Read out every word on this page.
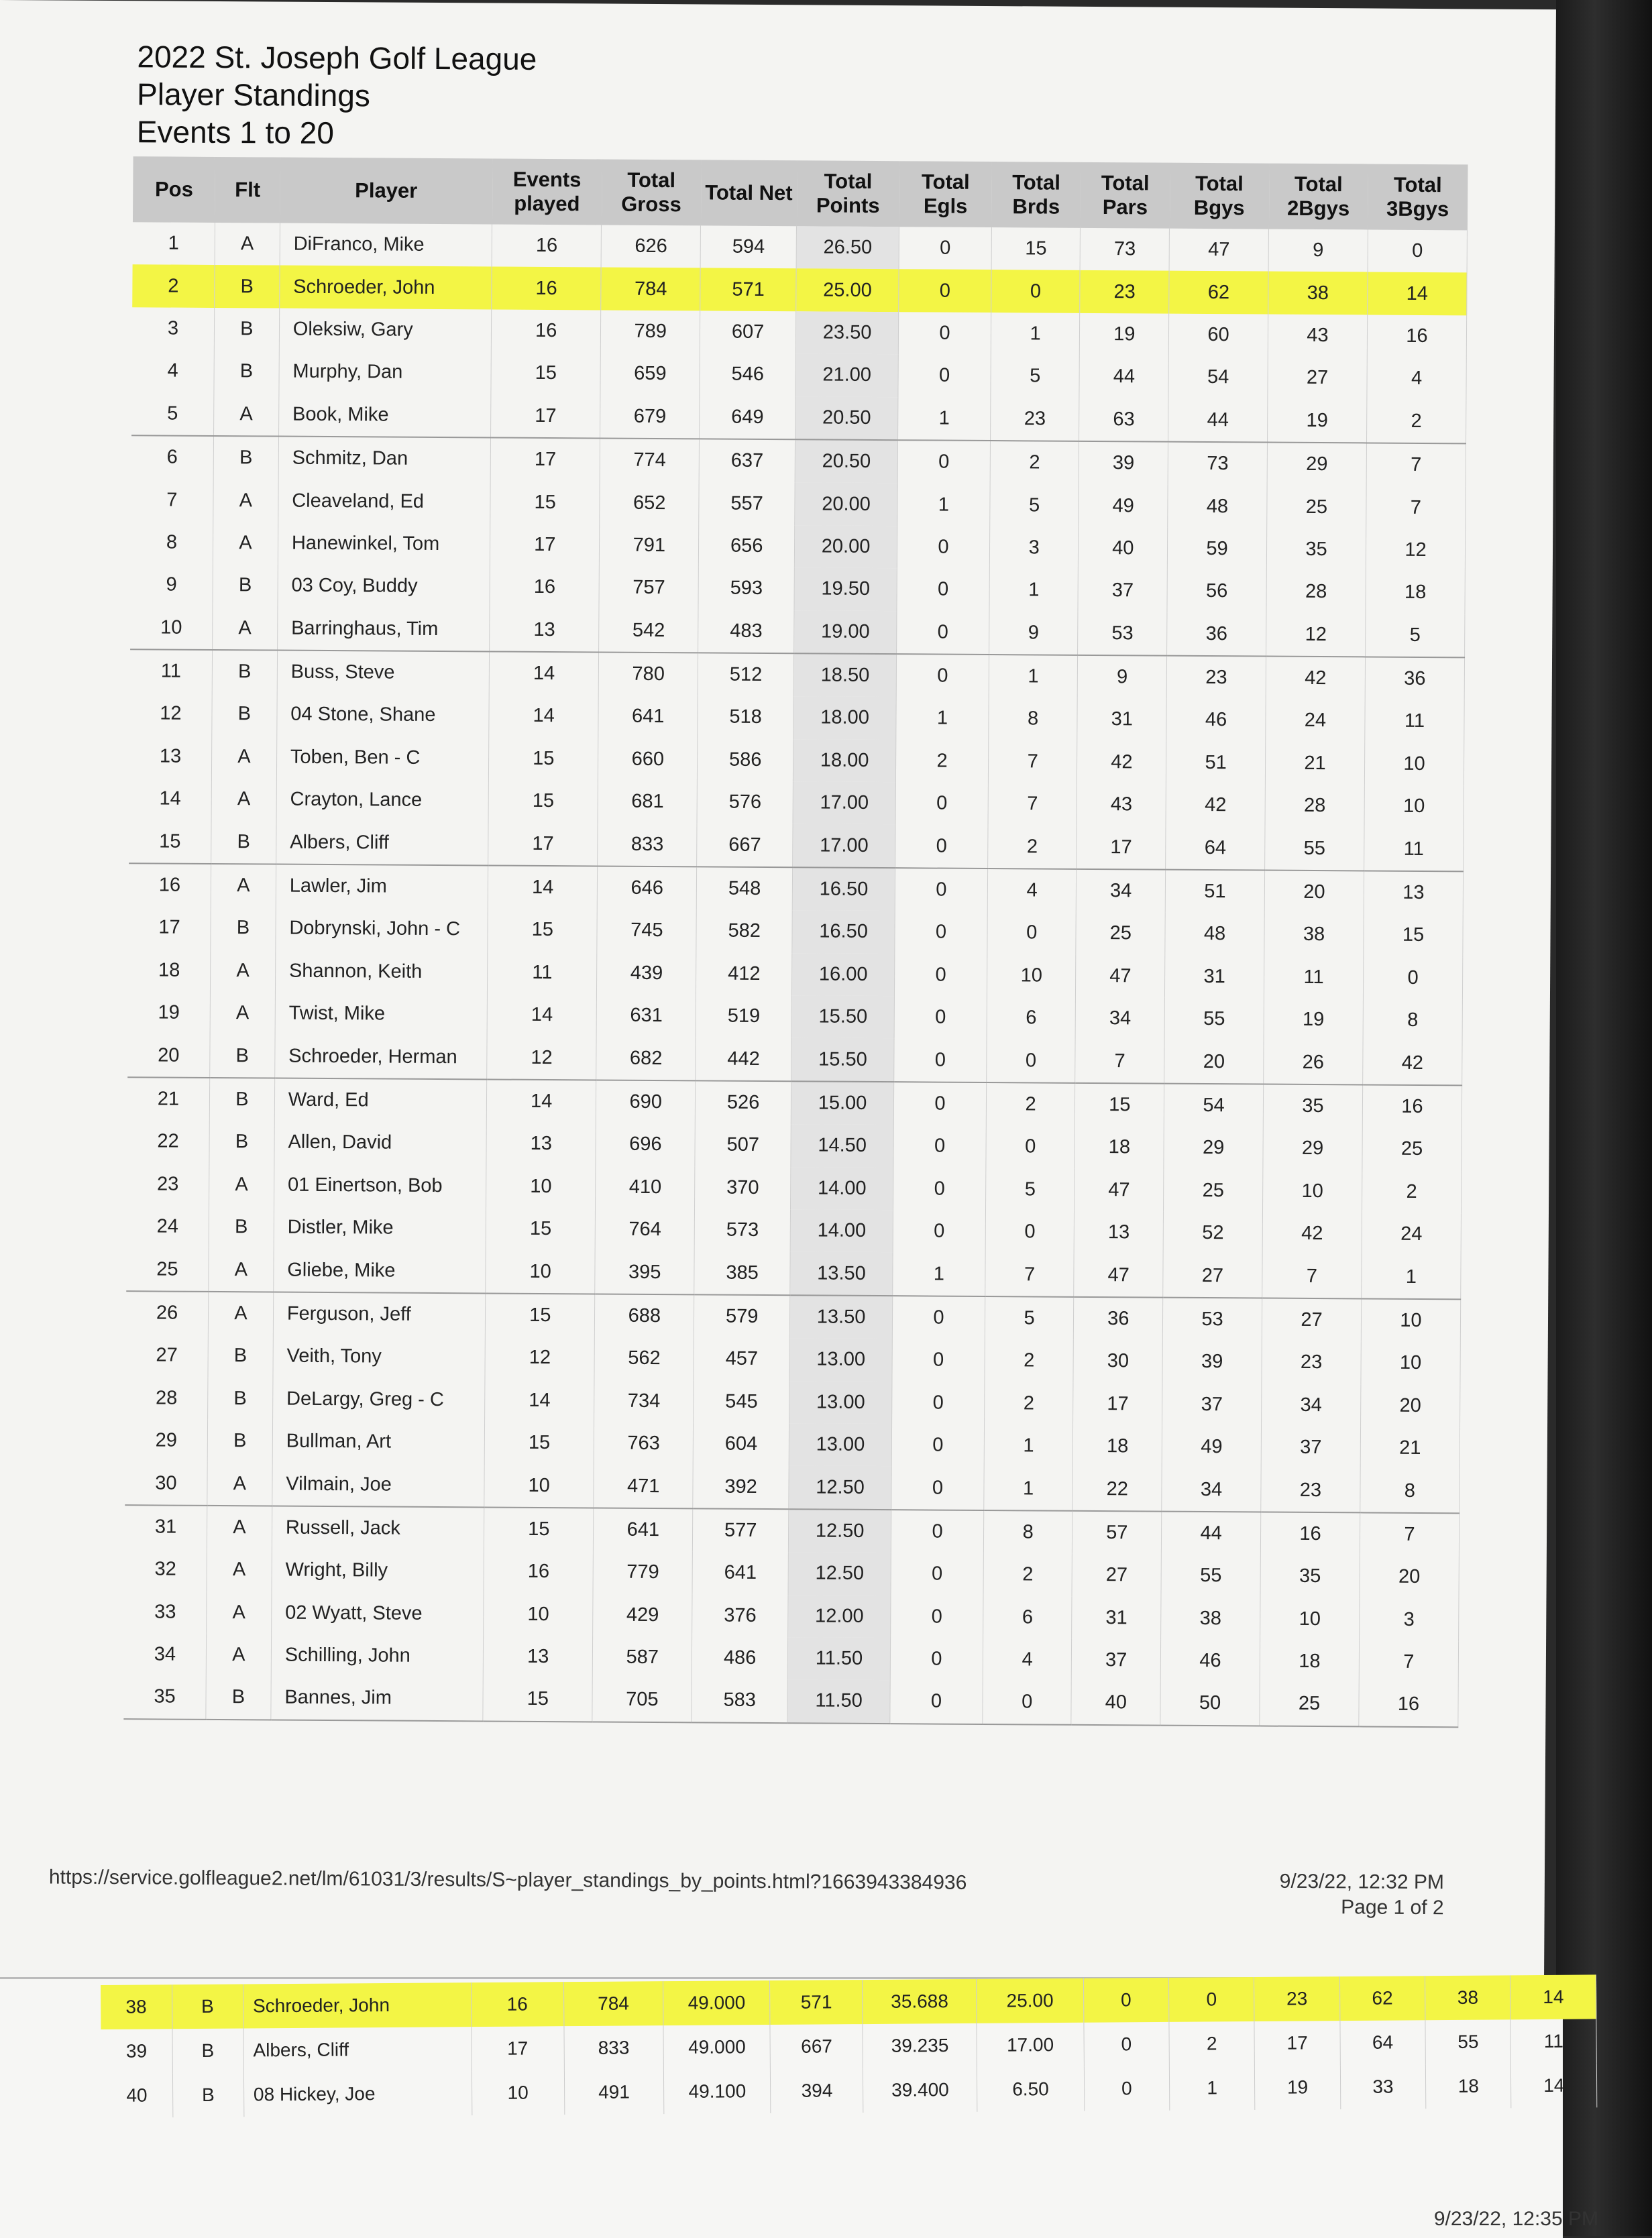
2022 St. Joseph Golf League
Player Standings
Events 1 to 20
Pos	Flt	Player	Events played	Total Gross	Total Net	Total Points	Total Egls	Total Brds	Total Pars	Total Bgys	Total 2Bgys	Total 3Bgys
1	A	DiFranco, Mike	16	626	594	26.50	0	15	73	47	9	0
2	B	Schroeder, John	16	784	571	25.00	0	0	23	62	38	14
3	B	Oleksiw, Gary	16	789	607	23.50	0	1	19	60	43	16
4	B	Murphy, Dan	15	659	546	21.00	0	5	44	54	27	4
5	A	Book, Mike	17	679	649	20.50	1	23	63	44	19	2
6	B	Schmitz, Dan	17	774	637	20.50	0	2	39	73	29	7
7	A	Cleaveland, Ed	15	652	557	20.00	1	5	49	48	25	7
8	A	Hanewinkel, Tom	17	791	656	20.00	0	3	40	59	35	12
9	B	03 Coy, Buddy	16	757	593	19.50	0	1	37	56	28	18
10	A	Barringhaus, Tim	13	542	483	19.00	0	9	53	36	12	5
11	B	Buss, Steve	14	780	512	18.50	0	1	9	23	42	36
12	B	04 Stone, Shane	14	641	518	18.00	1	8	31	46	24	11
13	A	Toben, Ben - C	15	660	586	18.00	2	7	42	51	21	10
14	A	Crayton, Lance	15	681	576	17.00	0	7	43	42	28	10
15	B	Albers, Cliff	17	833	667	17.00	0	2	17	64	55	11
16	A	Lawler, Jim	14	646	548	16.50	0	4	34	51	20	13
17	B	Dobrynski, John - C	15	745	582	16.50	0	0	25	48	38	15
18	A	Shannon, Keith	11	439	412	16.00	0	10	47	31	11	0
19	A	Twist, Mike	14	631	519	15.50	0	6	34	55	19	8
20	B	Schroeder, Herman	12	682	442	15.50	0	0	7	20	26	42
21	B	Ward, Ed	14	690	526	15.00	0	2	15	54	35	16
22	B	Allen, David	13	696	507	14.50	0	0	18	29	29	25
23	A	01 Einertson, Bob	10	410	370	14.00	0	5	47	25	10	2
24	B	Distler, Mike	15	764	573	14.00	0	0	13	52	42	24
25	A	Gliebe, Mike	10	395	385	13.50	1	7	47	27	7	1
26	A	Ferguson, Jeff	15	688	579	13.50	0	5	36	53	27	10
27	B	Veith, Tony	12	562	457	13.00	0	2	30	39	23	10
28	B	DeLargy, Greg - C	14	734	545	13.00	0	2	17	37	34	20
29	B	Bullman, Art	15	763	604	13.00	0	1	18	49	37	21
30	A	Vilmain, Joe	10	471	392	12.50	0	1	22	34	23	8
31	A	Russell, Jack	15	641	577	12.50	0	8	57	44	16	7
32	A	Wright, Billy	16	779	641	12.50	0	2	27	55	35	20
33	A	02 Wyatt, Steve	10	429	376	12.00	0	6	31	38	10	3
34	A	Schilling, John	13	587	486	11.50	0	4	37	46	18	7
35	B	Bannes, Jim	15	705	583	11.50	0	0	40	50	25	16
https://service.golfleague2.net/lm/61031/3/results/S~player_standings_by_points.html?1663943384936	9/23/22, 12:32 PM
Page 1 of 2
38	B	Schroeder, John	16	784	49.000	571	35.688	25.00	0	0	23	62	38	14
39	B	Albers, Cliff	17	833	49.000	667	39.235	17.00	0	2	17	64	55	11
40	B	08 Hickey, Joe	10	491	49.100	394	39.400	6.50	0	1	19	33	18	14
9/23/22, 12:35 PM
